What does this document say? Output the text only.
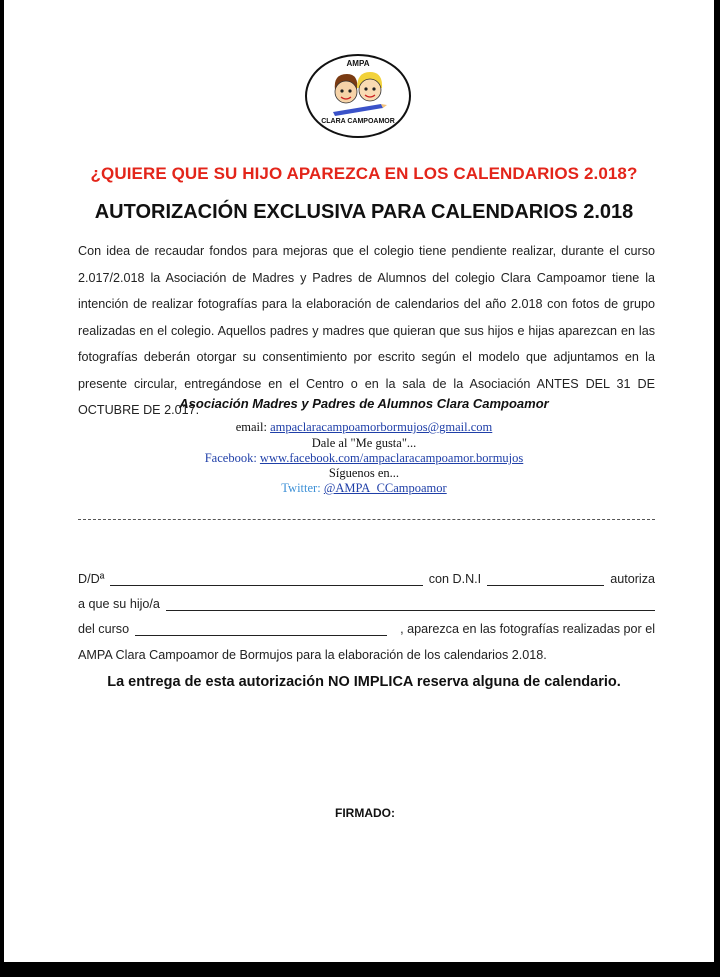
AMPA
CLARA CAMPOAMOR
¿QUIERE QUE SU HIJO APAREZCA EN LOS CALENDARIOS 2.018?
AUTORIZACIÓN EXCLUSIVA PARA CALENDARIOS 2.018
Con idea de recaudar fondos para mejoras que el colegio tiene pendiente realizar, durante el curso 2.017/2.018 la Asociación de Madres y Padres de Alumnos del colegio Clara Campoamor tiene la intención de realizar fotografías para la elaboración de calendarios del año 2.018 con fotos de grupo realizadas en el colegio. Aquellos padres y madres que quieran que sus hijos e hijas aparezcan en las fotografías deberán otorgar su consentimiento por escrito según el modelo que adjuntamos en la presente circular, entregándose en el Centro o en la sala de la Asociación ANTES DEL 31 DE OCTUBRE DE 2.017.
Asociación Madres y Padres de Alumnos Clara Campoamor
email: ampaclaracampoamorbormujos@gmail.com
Dale al "Me gusta"...
Facebook: www.facebook.com/ampaclaracampoamor.bormujos
Síguenos en...
Twitter: @AMPA_CCampoamor
D/Dª	con D.N.I	autoriza
a que su hijo/a
del curso	, aparezca en las fotografías realizadas por el
AMPA Clara Campoamor de Bormujos para la elaboración de los calendarios 2.018.
La entrega de esta autorización NO IMPLICA reserva alguna de calendario.
FIRMADO:
